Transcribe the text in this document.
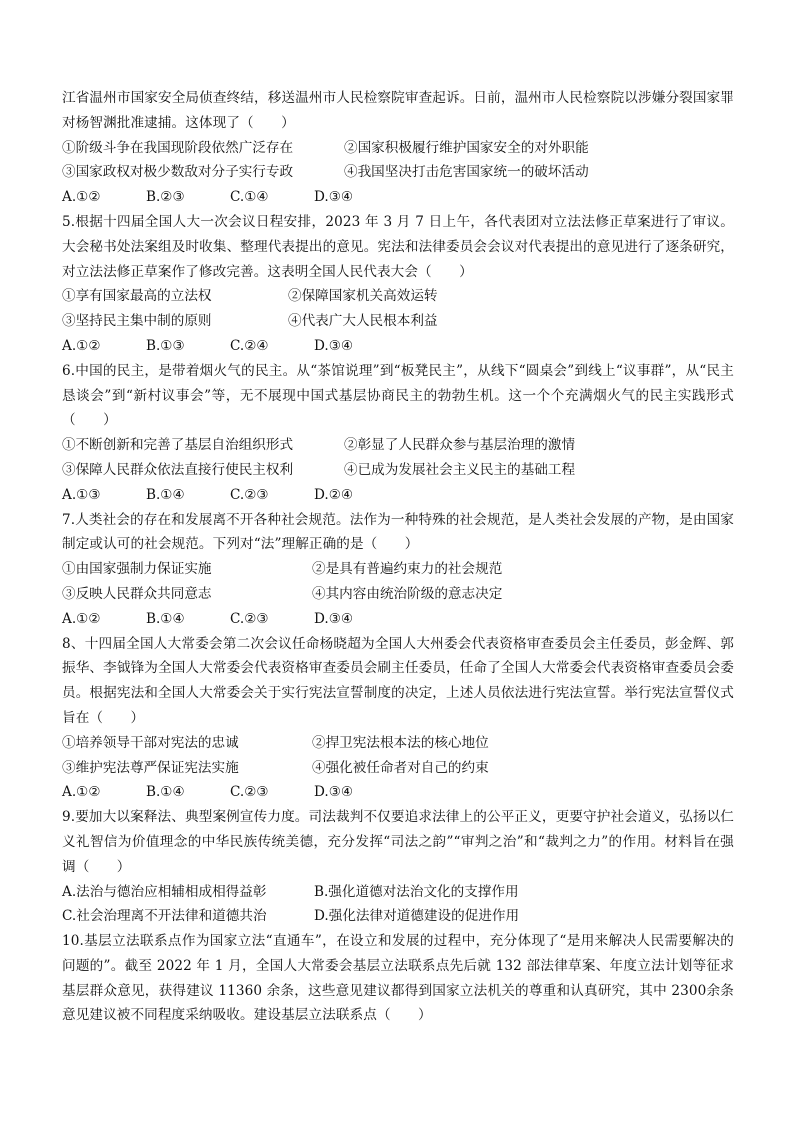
江省温州市国家安全局侦查终结，移送温州市人民检察院审查起诉。日前，温州市人民检察院以涉嫌分裂国家罪对杨智渊批准逮捕。这体现了（　　）

①阶级斗争在我国现阶段依然广泛存在	②国家积极履行维护国家安全的对外职能
③国家政权对极少数敌对分子实行专政	④我国坚决打击危害国家统一的破坏活动
A.①②	B.②③	C.①④	D.③④

5.根据十四届全国人大一次会议日程安排，2023 年 3 月 7 日上午，各代表团对立法法修正草案进行了审议。大会秘书处法案组及时收集、整理代表提出的意见。宪法和法律委员会会议对代表提出的意见进行了逐条研究，对立法法修正草案作了修改完善。这表明全国人民代表大会（　　）

①享有国家最高的立法权	②保障国家机关高效运转
③坚持民主集中制的原则	④代表广大人民根本利益
A.①②	B.①③	C.②④	D.③④

6.中国的民主，是带着烟火气的民主。从“茶馆说理”到“板凳民主”，从线下“圆桌会”到线上“议事群”，从“民主恳谈会”到“新村议事会”等，无不展现中国式基层协商民主的勃勃生机。这一个个充满烟火气的民主实践形式（　　）

①不断创新和完善了基层自治组织形式	②彰显了人民群众参与基层治理的激情
③保障人民群众依法直接行使民主权利	④已成为发展社会主义民主的基础工程
A.①③	B.①④	C.②③	D.②④

7.人类社会的存在和发展离不开各种社会规范。法作为一种特殊的社会规范，是人类社会发展的产物，是由国家制定或认可的社会规范。下列对“法”理解正确的是（　　）

①由国家强制力保证实施	②是具有普遍约束力的社会规范
③反映人民群众共同意志	④其内容由统治阶级的意志决定
A.①②	B.①④	C.②③	D.③④

8、十四届全国人大常委会第二次会议任命杨晓超为全国人大州委会代表资格审查委员会主任委员，彭金辉、郭振华、李钺锋为全国人大常委会代表资格审查委员会刷主任委员，任命了全国人大常委会代表资格审查委员会委员。根据宪法和全国人大常委会关于实行宪法宣誓制度的决定，上述人员依法进行宪法宣誓。举行宪法宣誓仪式旨在（　　）

①培养领导干部对宪法的忠诚	②捍卫宪法根本法的核心地位
③维护宪法尊严保证宪法实施	④强化被任命者对自己的约束
A.①②	B.①④	C.②③	D.③④

9.要加大以案释法、典型案例宣传力度。司法裁判不仅要追求法律上的公平正义，更要守护社会道义，弘扬以仁义礼智信为价值理念的中华民族传统美德，充分发挥“司法之韵”“审判之治”和“裁判之力”的作用。材料旨在强调（　　）

A.法治与德治应相辅相成相得益彰	B.强化道德对法治文化的支撑作用
C.社会治理离不开法律和道德共治	D.强化法律对道德建设的促进作用

10.基层立法联系点作为国家立法“直通车”，在设立和发展的过程中，充分体现了“是用来解决人民需要解决的问题的”。截至 2022 年 1 月，全国人大常委会基层立法联系点先后就 132 部法律草案、年度立法计划等征求基层群众意见，获得建议 11360 余条，这些意见建议都得到国家立法机关的尊重和认真研究，其中 2300余条意见建议被不同程度采纳吸收。建设基层立法联系点（　　）
